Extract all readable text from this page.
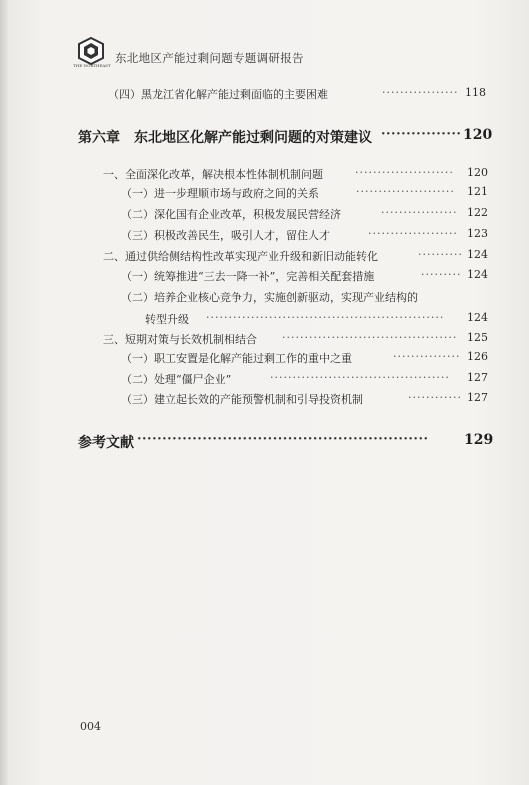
THE NORTHEAST
东北地区产能过剩问题专题调研报告
（四）黑龙江省化解产能过剩面临的主要困难	················· 118
第六章　东北地区化解产能过剩问题的对策建议 ················ 120
一、全面深化改革，解决根本性体制机制问题	······················	120
（一）进一步理顺市场与政府之间的关系	······················	121
（二）深化国有企业改革，积极发展民营经济	················· 122
（三）积极改善民生，吸引人才，留住人才	···················· 123
二、通过供给侧结构性改革实现产业升级和新旧动能转化	·········· 124
（一）统筹推进“三去一降一补”，完善相关配套措施	········· 124
（二）培养企业核心竞争力，实施创新驱动，实现产业结构的
转型升级 ·····················································	124
三、短期对策与长效机制相结合 ······································· 125
（一）职工安置是化解产能过剩工作的重中之重	··············· 126
（二）处理“僵尸企业”	········································	127
（三）建立起长效的产能预警机制和引导投资机制	············ 127
参考文献 ··························································	129
004
